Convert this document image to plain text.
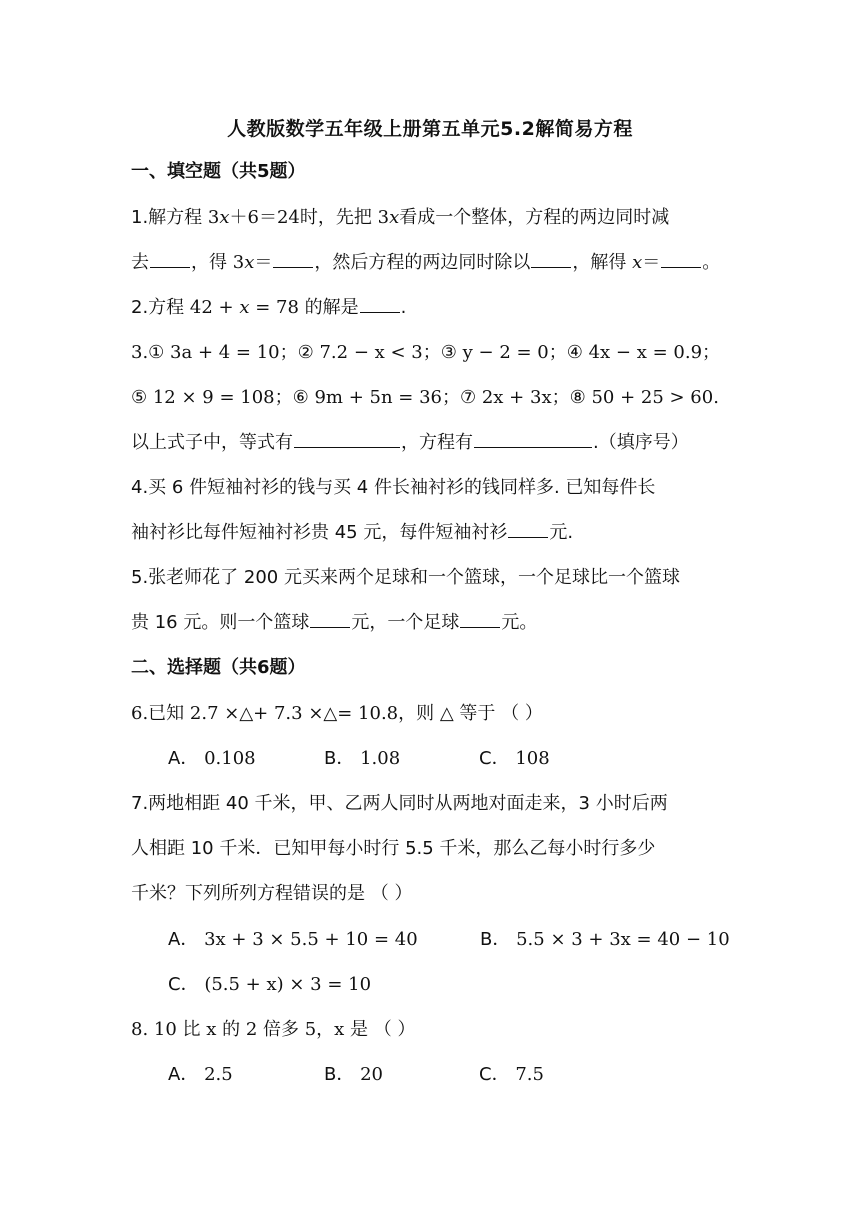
人教版数学五年级上册第五单元5.2解简易方程
一、填空题（共5题）
1.解方程 3x＋6＝24时，先把 3x看成一个整体，方程的两边同时减
去 ，得 3x＝ ，然后方程的两边同时除以 ，解得 x＝ 。
2.方程 42 + x = 78 的解是 .
3.① 3a + 4 = 10；② 7.2 − x < 3；③ y − 2 = 0；④ 4x − x = 0.9；
⑤ 12 × 9 = 108；⑥ 9m + 5n = 36；⑦ 2x + 3x；⑧ 50 + 25 > 60.
以上式子中，等式有	，方程有	.（填序号）
4.买 6 件短袖衬衫的钱与买 4 件长袖衬衫的钱同样多. 已知每件长
袖衬衫比每件短袖衬衫贵 45 元，每件短袖衬衫 元.
5.张老师花了 200 元买来两个足球和一个篮球，一个足球比一个篮球
贵 16 元。则一个篮球 元，一个足球 元。
二、选择题（共6题）
6.已知 2.7 ×△+ 7.3 ×△= 10.8，则 △ 等于 （ ）
A． 0.108	B． 1.08	C． 108
7.两地相距 40 千米，甲、乙两人同时从两地对面走来，3 小时后两
人相距 10 千米．已知甲每小时行 5.5 千米，那么乙每小时行多少
千米？下列所列方程错误的是 （ ）
A． 3x + 3 × 5.5 + 10 = 40	B． 5.5 × 3 + 3x = 40 − 10
C． (5.5 + x) × 3 = 10
8. 10 比 x 的 2 倍多 5，x 是 （ ）
A． 2.5	B． 20	C． 7.5
